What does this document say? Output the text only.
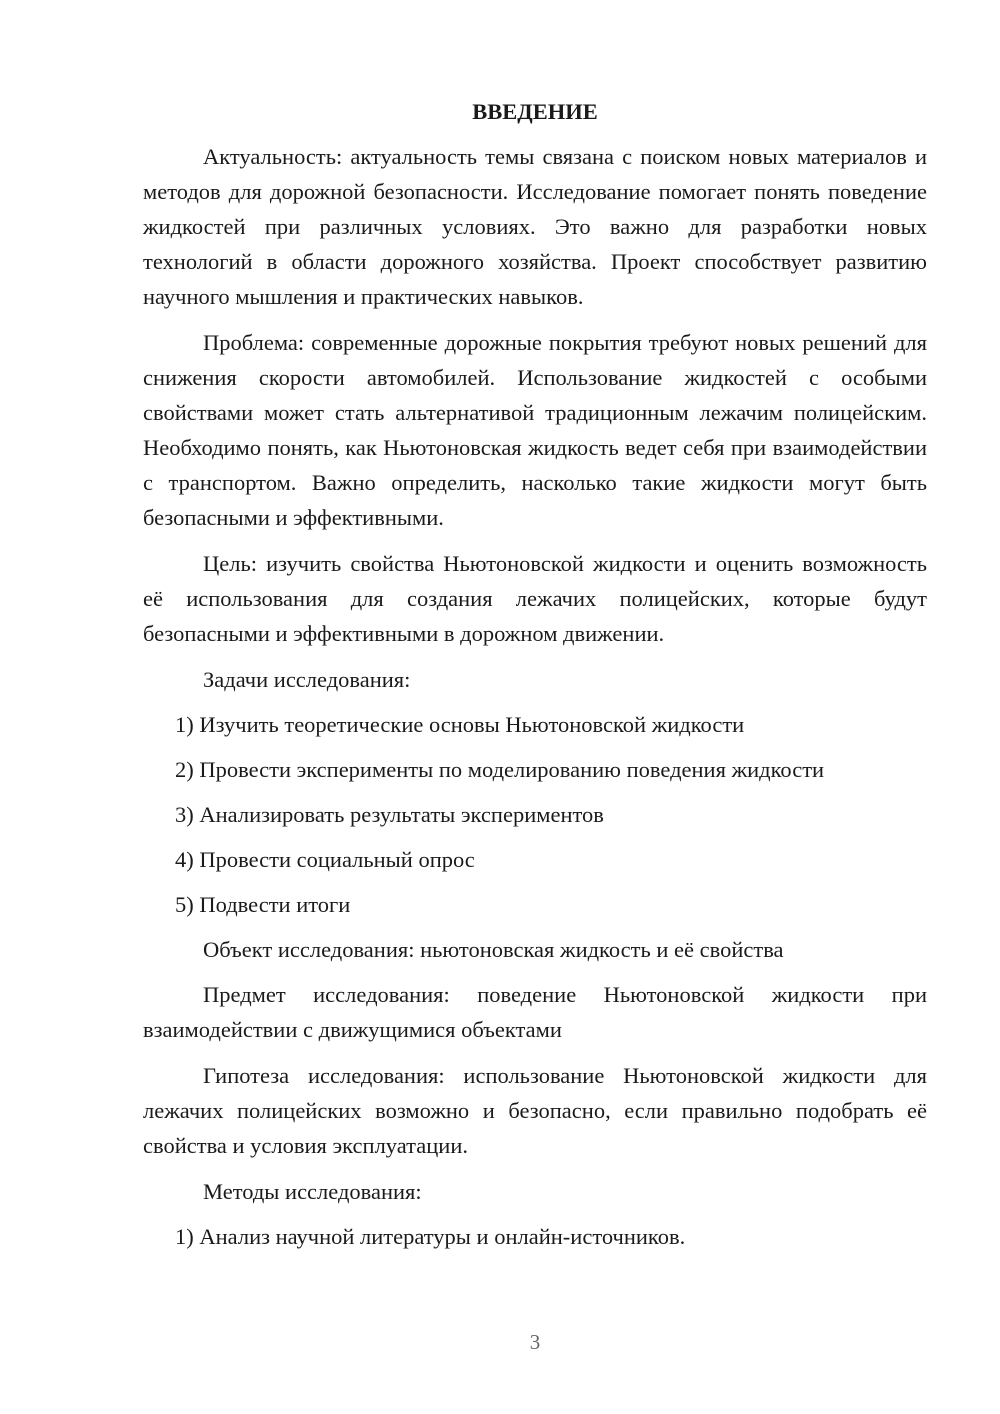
ВВЕДЕНИЕ

Актуальность: актуальность темы связана с поиском новых материалов и методов для дорожной безопасности. Исследование помогает понять поведение жидкостей при различных условиях. Это важно для разработки новых технологий в области дорожного хозяйства. Проект способствует развитию научного мышления и практических навыков.

Проблема: современные дорожные покрытия требуют новых решений для снижения скорости автомобилей. Использование жидкостей с особыми свойствами может стать альтернативой традиционным лежачим полицейским. Необходимо понять, как Ньютоновская жидкость ведет себя при взаимодействии с транспортом. Важно определить, насколько такие жидкости могут быть безопасными и эффективными.

Цель: изучить свойства Ньютоновской жидкости и оценить возможность её использования для создания лежачих полицейских, которые будут безопасными и эффективными в дорожном движении.

Задачи исследования:

1) Изучить теоретические основы Ньютоновской жидкости
2) Провести эксперименты по моделированию поведения жидкости
3) Анализировать результаты экспериментов
4) Провести социальный опрос
5) Подвести итоги

Объект исследования: ньютоновская жидкость и её свойства

Предмет исследования: поведение Ньютоновской жидкости при взаимодействии с движущимися объектами

Гипотеза исследования: использование Ньютоновской жидкости для лежачих полицейских возможно и безопасно, если правильно подобрать её свойства и условия эксплуатации.

Методы исследования:

1) Анализ научной литературы и онлайн-источников.
3
